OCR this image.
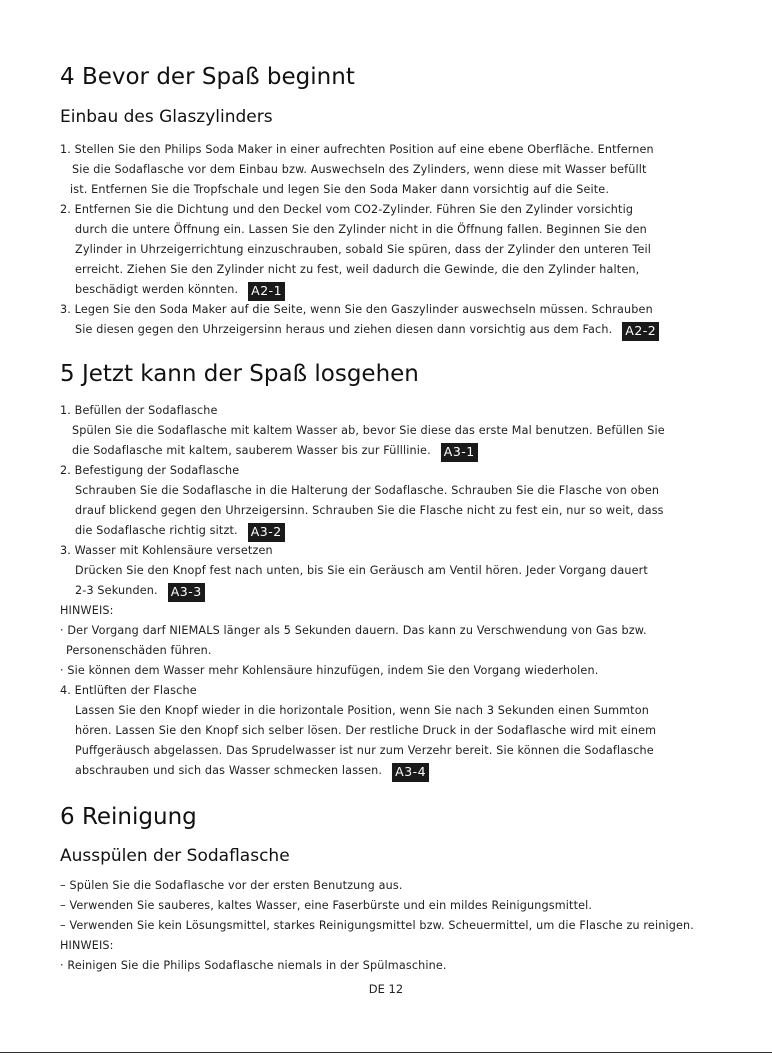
4 Bevor der Spaß beginnt
Einbau des Glaszylinders
1. Stellen Sie den Philips Soda Maker in einer aufrechten Position auf eine ebene Oberfläche. Entfernen
Sie die Sodaflasche vor dem Einbau bzw. Auswechseln des Zylinders, wenn diese mit Wasser befüllt
ist. Entfernen Sie die Tropfschale und legen Sie den Soda Maker dann vorsichtig auf die Seite.
2. Entfernen Sie die Dichtung und den Deckel vom CO2-Zylinder. Führen Sie den Zylinder vorsichtig
durch die untere Öffnung ein. Lassen Sie den Zylinder nicht in die Öffnung fallen. Beginnen Sie den
Zylinder in Uhrzeigerrichtung einzuschrauben, sobald Sie spüren, dass der Zylinder den unteren Teil
erreicht. Ziehen Sie den Zylinder nicht zu fest, weil dadurch die Gewinde, die den Zylinder halten,
beschädigt werden könnten. A2-1
3. Legen Sie den Soda Maker auf die Seite, wenn Sie den Gaszylinder auswechseln müssen. Schrauben
Sie diesen gegen den Uhrzeigersinn heraus und ziehen diesen dann vorsichtig aus dem Fach. A2-2
5 Jetzt kann der Spaß losgehen
1. Befüllen der Sodaflasche
Spülen Sie die Sodaflasche mit kaltem Wasser ab, bevor Sie diese das erste Mal benutzen. Befüllen Sie
die Sodaflasche mit kaltem, sauberem Wasser bis zur Fülllinie. A3-1
2. Befestigung der Sodaflasche
Schrauben Sie die Sodaflasche in die Halterung der Sodaflasche. Schrauben Sie die Flasche von oben
drauf blickend gegen den Uhrzeigersinn. Schrauben Sie die Flasche nicht zu fest ein, nur so weit, dass
die Sodaflasche richtig sitzt. A3-2
3. Wasser mit Kohlensäure versetzen
Drücken Sie den Knopf fest nach unten, bis Sie ein Geräusch am Ventil hören. Jeder Vorgang dauert
2-3 Sekunden. A3-3
HINWEIS:
· Der Vorgang darf NIEMALS länger als 5 Sekunden dauern. Das kann zu Verschwendung von Gas bzw.
Personenschäden führen.
· Sie können dem Wasser mehr Kohlensäure hinzufügen, indem Sie den Vorgang wiederholen.
4. Entlüften der Flasche
Lassen Sie den Knopf wieder in die horizontale Position, wenn Sie nach 3 Sekunden einen Summton
hören. Lassen Sie den Knopf sich selber lösen. Der restliche Druck in der Sodaflasche wird mit einem
Puffgeräusch abgelassen. Das Sprudelwasser ist nur zum Verzehr bereit. Sie können die Sodaflasche
abschrauben und sich das Wasser schmecken lassen. A3-4
6 Reinigung
Ausspülen der Sodaflasche
– Spülen Sie die Sodaflasche vor der ersten Benutzung aus.
– Verwenden Sie sauberes, kaltes Wasser, eine Faserbürste und ein mildes Reinigungsmittel.
– Verwenden Sie kein Lösungsmittel, starkes Reinigungsmittel bzw. Scheuermittel, um die Flasche zu reinigen.
HINWEIS:
· Reinigen Sie die Philips Sodaflasche niemals in der Spülmaschine.
DE 12
